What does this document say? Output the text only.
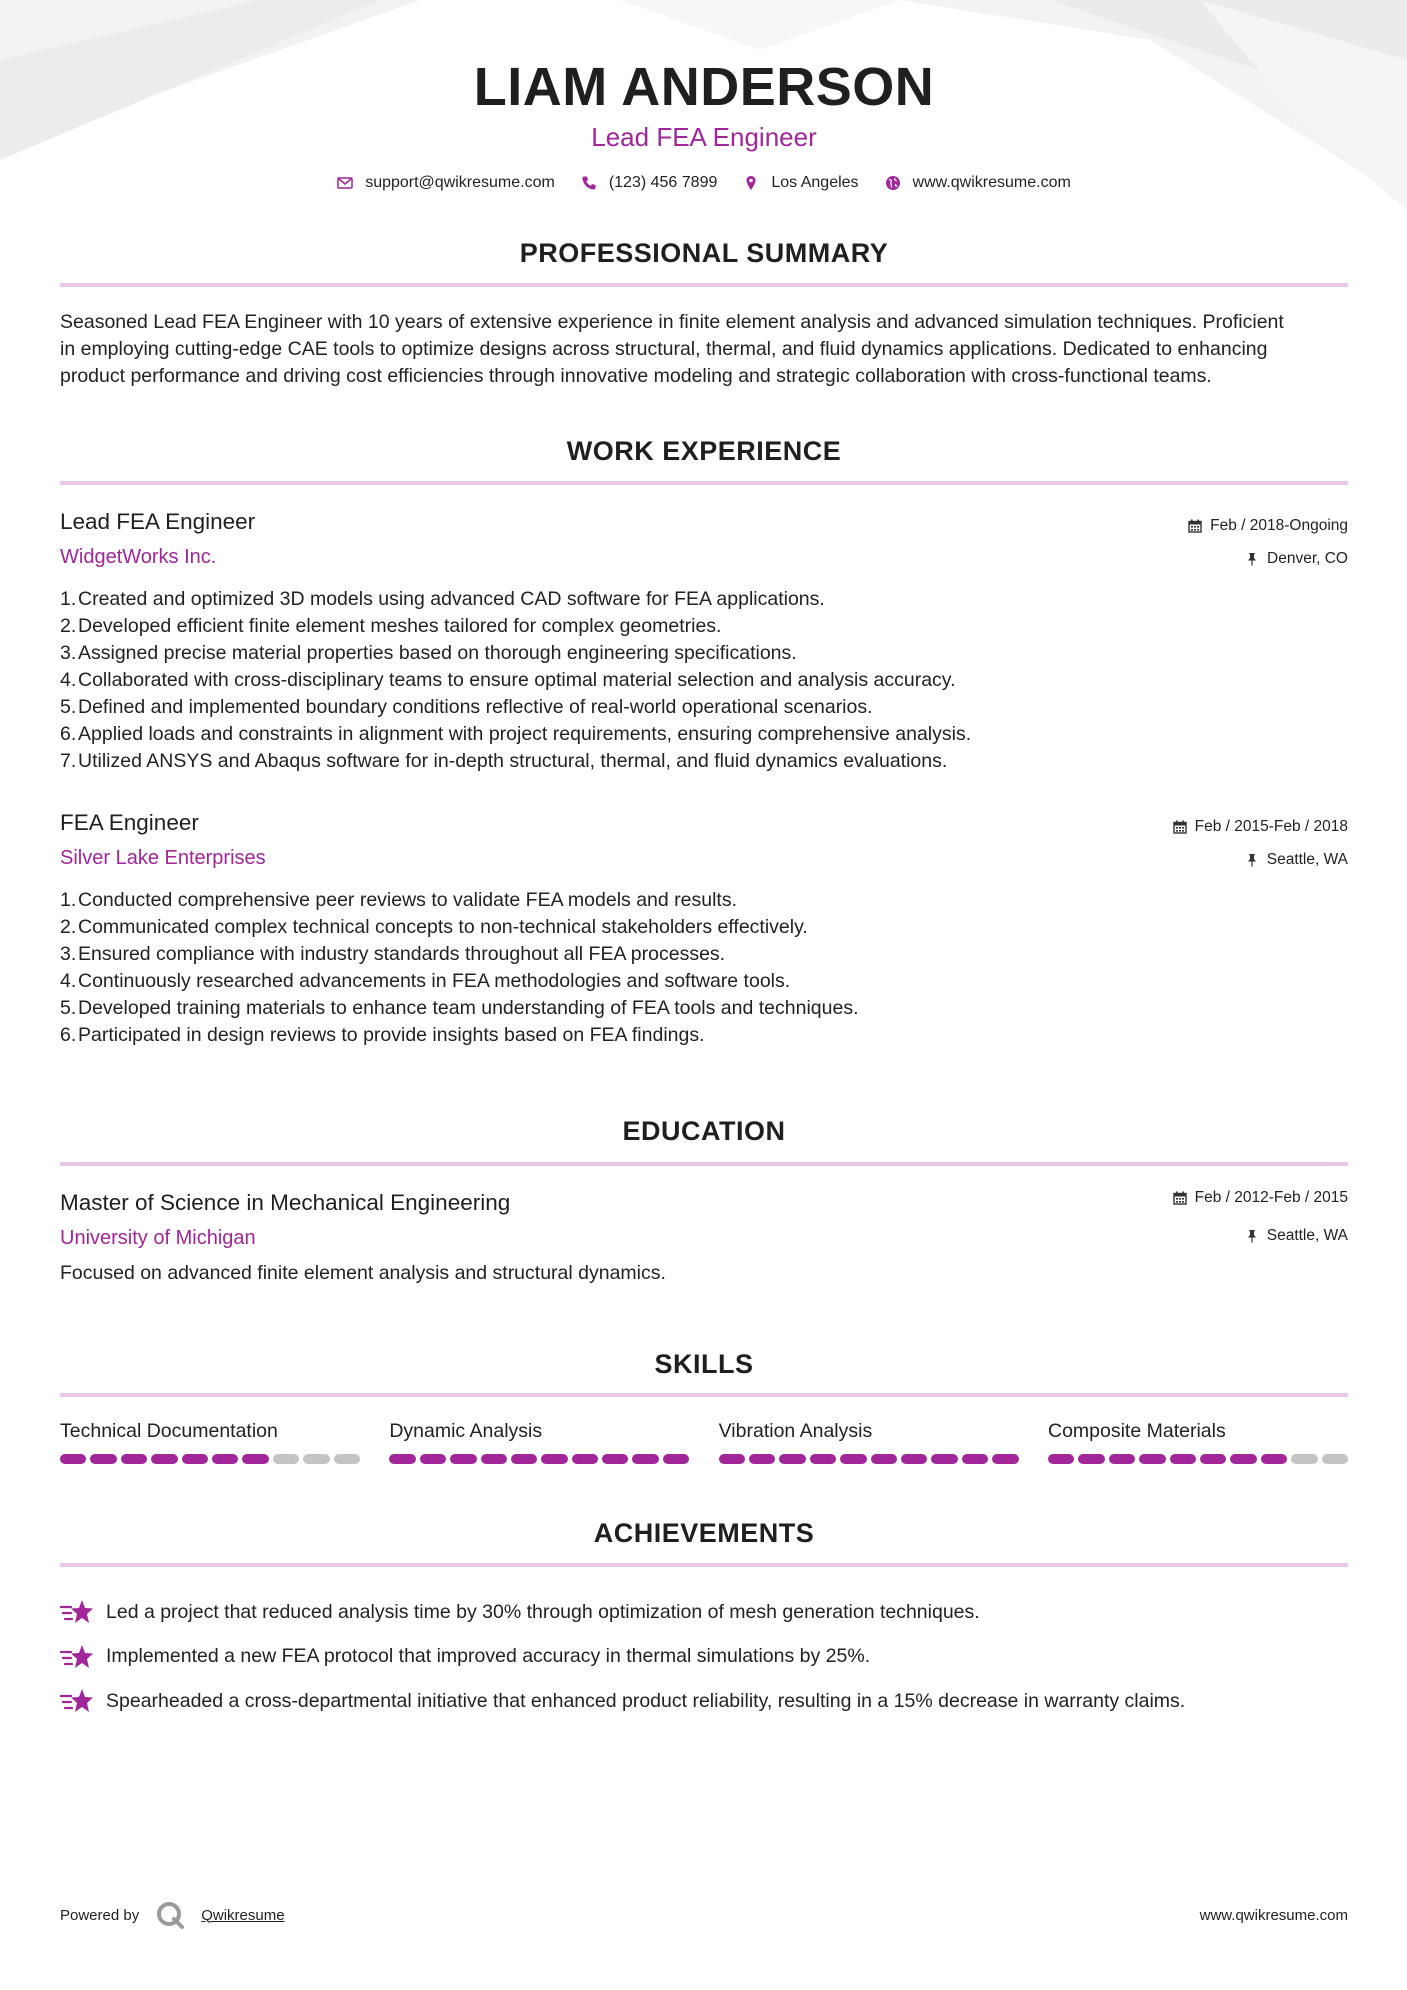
LIAM ANDERSON
Lead FEA Engineer
support@qwikresume.com	(123) 456 7899	Los Angeles	www.qwikresume.com
PROFESSIONAL SUMMARY
Seasoned Lead FEA Engineer with 10 years of extensive experience in finite element analysis and advanced simulation techniques. Proficient
in employing cutting-edge CAE tools to optimize designs across structural, thermal, and fluid dynamics applications. Dedicated to enhancing
product performance and driving cost efficiencies through innovative modeling and strategic collaboration with cross-functional teams.
WORK EXPERIENCE
Lead FEA Engineer
WidgetWorks Inc.
Feb / 2018-Ongoing
Denver, CO
1. Created and optimized 3D models using advanced CAD software for FEA applications.
2. Developed efficient finite element meshes tailored for complex geometries.
3. Assigned precise material properties based on thorough engineering specifications.
4. Collaborated with cross-disciplinary teams to ensure optimal material selection and analysis accuracy.
5. Defined and implemented boundary conditions reflective of real-world operational scenarios.
6. Applied loads and constraints in alignment with project requirements, ensuring comprehensive analysis.
7. Utilized ANSYS and Abaqus software for in-depth structural, thermal, and fluid dynamics evaluations.
FEA Engineer
Silver Lake Enterprises
Feb / 2015-Feb / 2018
Seattle, WA
1. Conducted comprehensive peer reviews to validate FEA models and results.
2. Communicated complex technical concepts to non-technical stakeholders effectively.
3. Ensured compliance with industry standards throughout all FEA processes.
4. Continuously researched advancements in FEA methodologies and software tools.
5. Developed training materials to enhance team understanding of FEA tools and techniques.
6. Participated in design reviews to provide insights based on FEA findings.
EDUCATION
Master of Science in Mechanical Engineering
University of Michigan
Feb / 2012-Feb / 2015
Seattle, WA
Focused on advanced finite element analysis and structural dynamics.
SKILLS
Technical Documentation	Dynamic Analysis	Vibration Analysis	Composite Materials
ACHIEVEMENTS
Led a project that reduced analysis time by 30% through optimization of mesh generation techniques.
Implemented a new FEA protocol that improved accuracy in thermal simulations by 25%.
Spearheaded a cross-departmental initiative that enhanced product reliability, resulting in a 15% decrease in warranty claims.
Powered by	Qwikresume	www.qwikresume.com
